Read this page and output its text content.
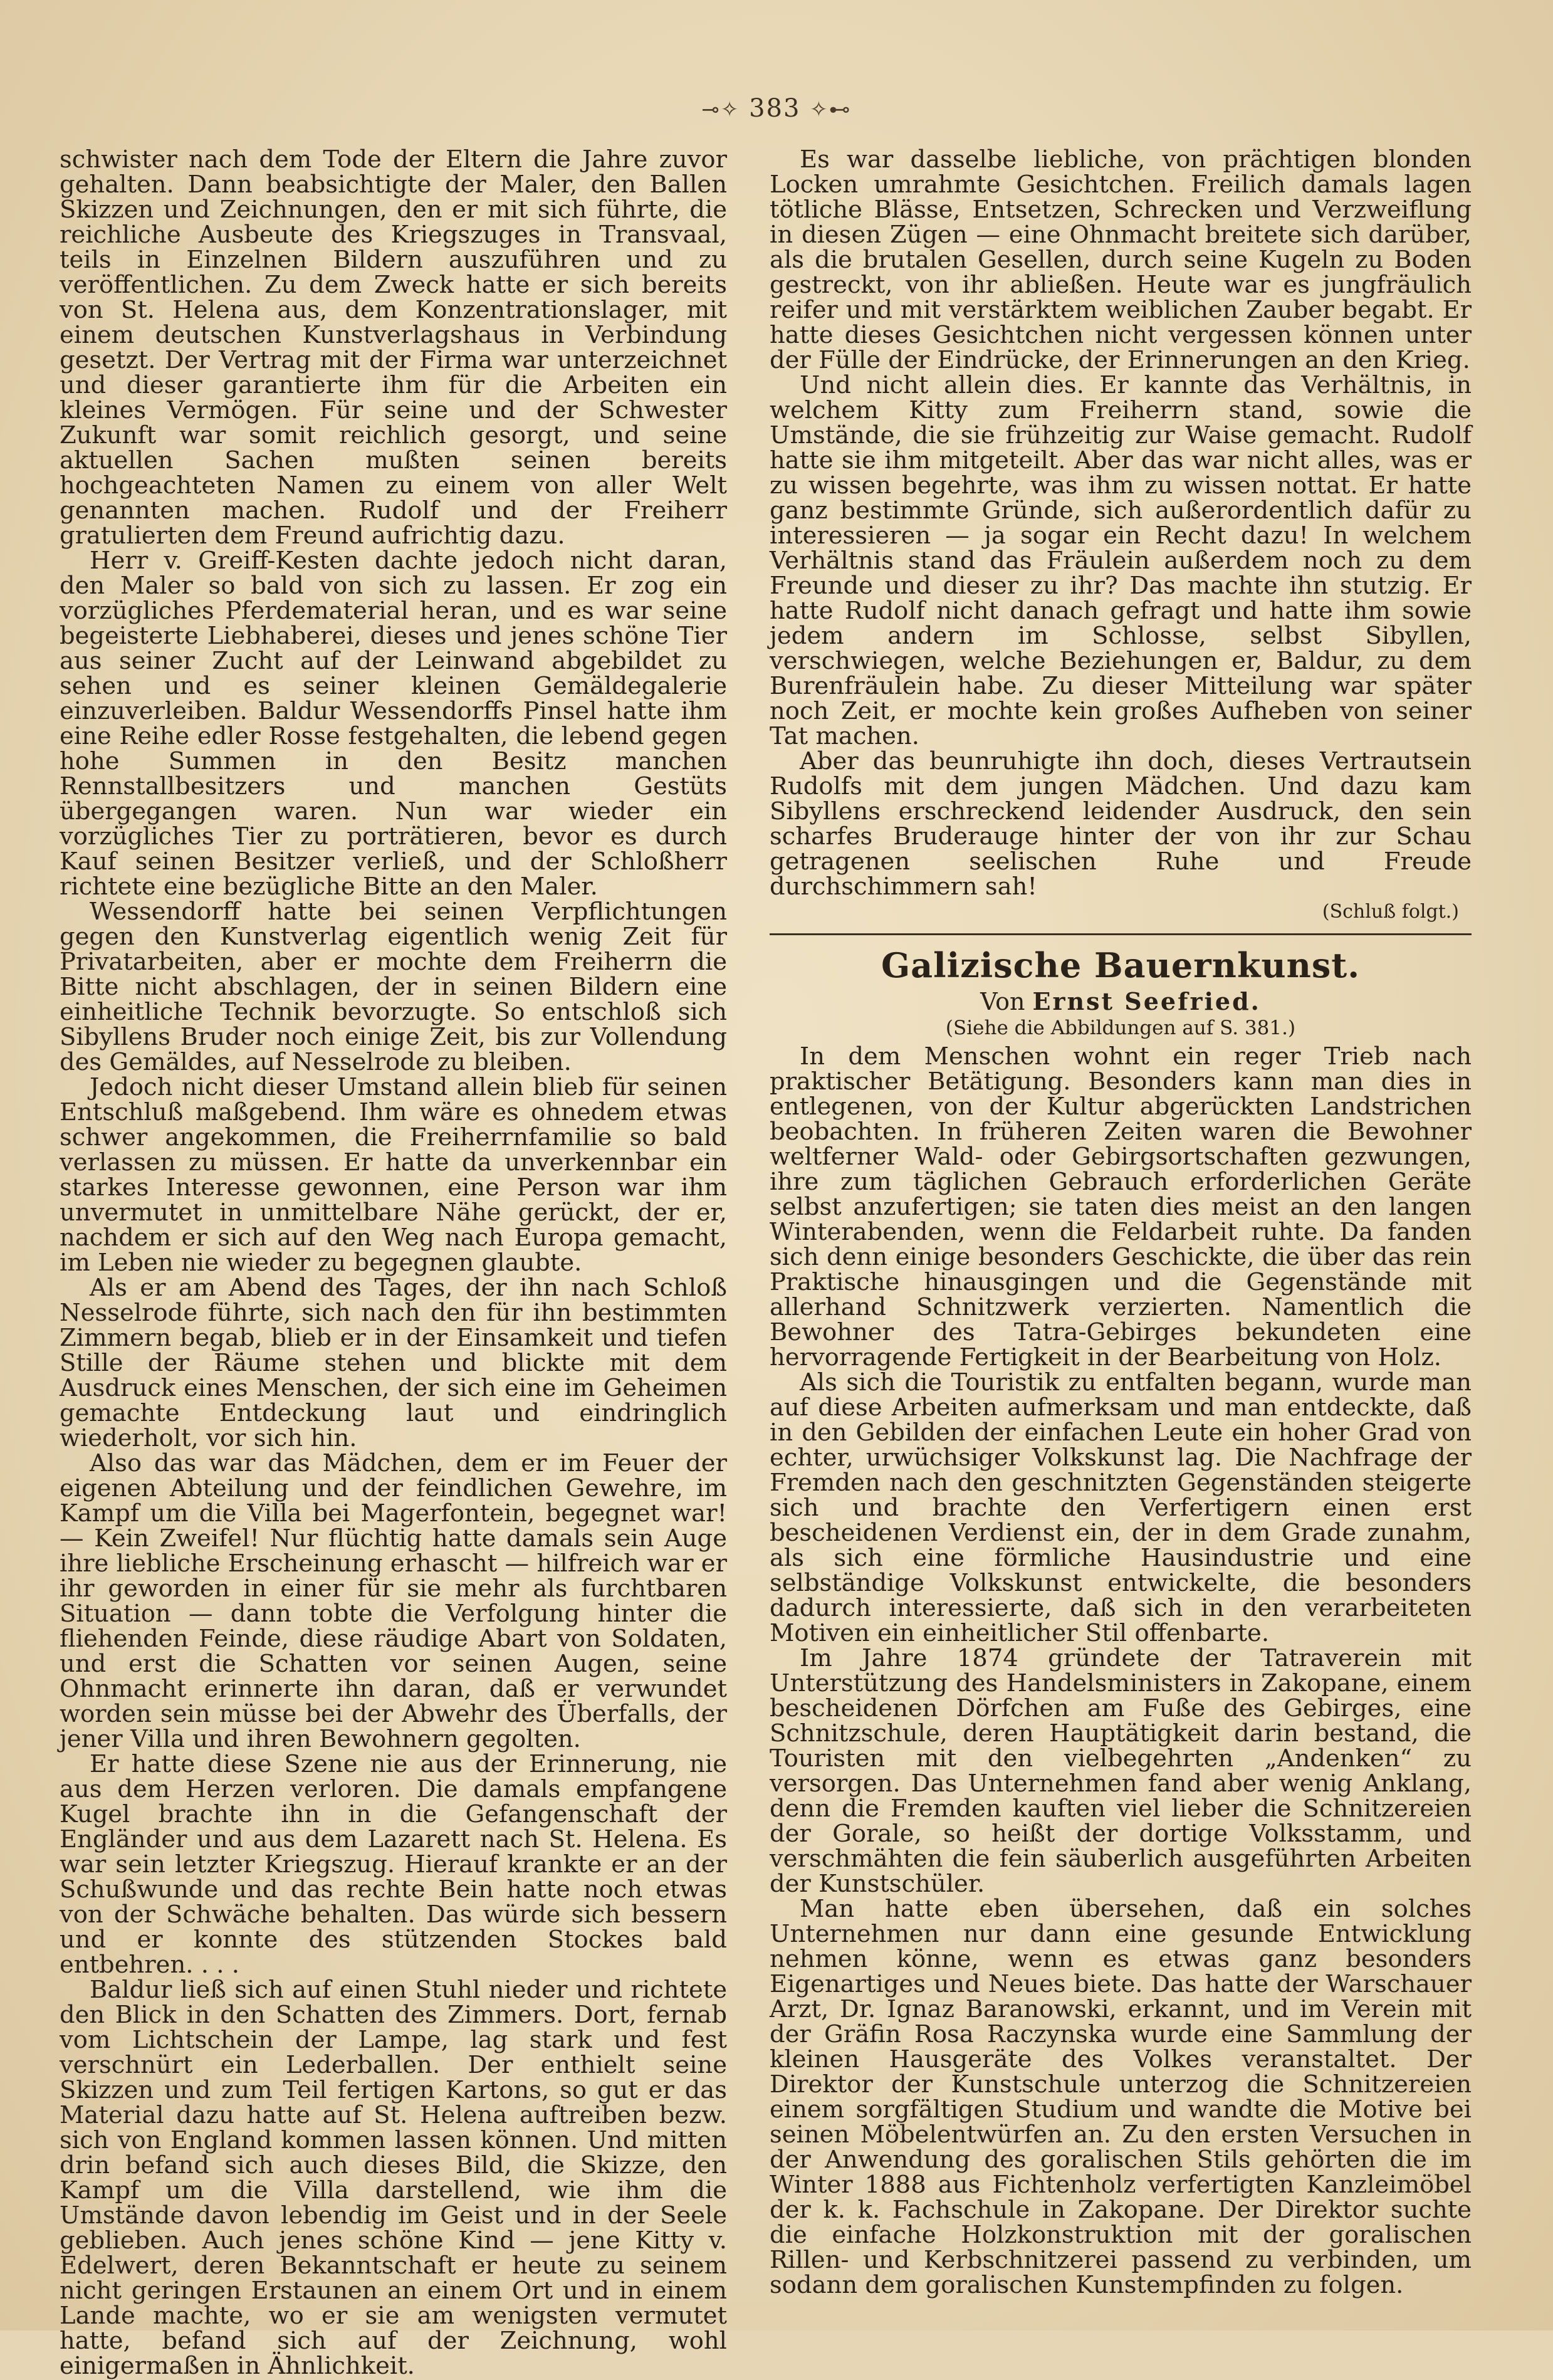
⊸✧ 383 ✧⊷

schwister nach dem Tode der Eltern die Jahre zuvor gehalten. Dann beabsichtigte der Maler, den Ballen Skizzen und Zeichnungen, den er mit sich führte, die reichliche Ausbeute des Kriegszuges in Transvaal, teils in Einzelnen Bildern auszuführen und zu veröffentlichen. Zu dem Zweck hatte er sich bereits von St. Helena aus, dem Konzentrationslager, mit einem deutschen Kunstverlagshaus in Verbindung gesetzt. Der Vertrag mit der Firma war unterzeichnet und dieser garantierte ihm für die Arbeiten ein kleines Vermögen. Für seine und der Schwester Zukunft war somit reichlich gesorgt, und seine aktuellen Sachen mußten seinen bereits hochgeachteten Namen zu einem von aller Welt genannten machen. Rudolf und der Freiherr gratulierten dem Freund aufrichtig dazu.

Herr v. Greiff-Kesten dachte jedoch nicht daran, den Maler so bald von sich zu lassen. Er zog ein vorzügliches Pferdematerial heran, und es war seine begeisterte Liebhaberei, dieses und jenes schöne Tier aus seiner Zucht auf der Leinwand abgebildet zu sehen und es seiner kleinen Gemäldegalerie einzuverleiben. Baldur Wessendorffs Pinsel hatte ihm eine Reihe edler Rosse festgehalten, die lebend gegen hohe Summen in den Besitz manchen Rennstallbesitzers und manchen Gestüts übergegangen waren. Nun war wieder ein vorzügliches Tier zu porträtieren, bevor es durch Kauf seinen Besitzer verließ, und der Schloßherr richtete eine bezügliche Bitte an den Maler.

Wessendorff hatte bei seinen Verpflichtungen gegen den Kunstverlag eigentlich wenig Zeit für Privatarbeiten, aber er mochte dem Freiherrn die Bitte nicht abschlagen, der in seinen Bildern eine einheitliche Technik bevorzugte. So entschloß sich Sibyllens Bruder noch einige Zeit, bis zur Vollendung des Gemäldes, auf Nesselrode zu bleiben.

Jedoch nicht dieser Umstand allein blieb für seinen Entschluß maßgebend. Ihm wäre es ohnedem etwas schwer angekommen, die Freiherrnfamilie so bald verlassen zu müssen. Er hatte da unverkennbar ein starkes Interesse gewonnen, eine Person war ihm unvermutet in unmittelbare Nähe gerückt, der er, nachdem er sich auf den Weg nach Europa gemacht, im Leben nie wieder zu begegnen glaubte.

Als er am Abend des Tages, der ihn nach Schloß Nesselrode führte, sich nach den für ihn bestimmten Zimmern begab, blieb er in der Einsamkeit und tiefen Stille der Räume stehen und blickte mit dem Ausdruck eines Menschen, der sich eine im Geheimen gemachte Entdeckung laut und eindringlich wiederholt, vor sich hin.

Also das war das Mädchen, dem er im Feuer der eigenen Abteilung und der feindlichen Gewehre, im Kampf um die Villa bei Magerfontein, begegnet war! — Kein Zweifel! Nur flüchtig hatte damals sein Auge ihre liebliche Erscheinung erhascht — hilfreich war er ihr geworden in einer für sie mehr als furchtbaren Situation — dann tobte die Verfolgung hinter die fliehenden Feinde, diese räudige Abart von Soldaten, und erst die Schatten vor seinen Augen, seine Ohnmacht erinnerte ihn daran, daß er verwundet worden sein müsse bei der Abwehr des Überfalls, der jener Villa und ihren Bewohnern gegolten.

Er hatte diese Szene nie aus der Erinnerung, nie aus dem Herzen verloren. Die damals empfangene Kugel brachte ihn in die Gefangenschaft der Engländer und aus dem Lazarett nach St. Helena. Es war sein letzter Kriegszug. Hierauf krankte er an der Schußwunde und das rechte Bein hatte noch etwas von der Schwäche behalten. Das würde sich bessern und er konnte des stützenden Stockes bald entbehren. . . .

Baldur ließ sich auf einen Stuhl nieder und richtete den Blick in den Schatten des Zimmers. Dort, fernab vom Lichtschein der Lampe, lag stark und fest verschnürt ein Lederballen. Der enthielt seine Skizzen und zum Teil fertigen Kartons, so gut er das Material dazu hatte auf St. Helena auftreiben bezw. sich von England kommen lassen können. Und mitten drin befand sich auch dieses Bild, die Skizze, den Kampf um die Villa darstellend, wie ihm die Umstände davon lebendig im Geist und in der Seele geblieben. Auch jenes schöne Kind — jene Kitty v. Edelwert, deren Bekanntschaft er heute zu seinem nicht geringen Erstaunen an einem Ort und in einem Lande machte, wo er sie am wenigsten vermutet hatte, befand sich auf der Zeichnung, wohl einigermaßen in Ähnlichkeit.

Es war dasselbe liebliche, von prächtigen blonden Locken umrahmte Gesichtchen. Freilich damals lagen tötliche Blässe, Entsetzen, Schrecken und Verzweiflung in diesen Zügen — eine Ohnmacht breitete sich darüber, als die brutalen Gesellen, durch seine Kugeln zu Boden gestreckt, von ihr abließen. Heute war es jungfräulich reifer und mit verstärktem weiblichen Zauber begabt. Er hatte dieses Gesichtchen nicht vergessen können unter der Fülle der Eindrücke, der Erinnerungen an den Krieg.

Und nicht allein dies. Er kannte das Verhältnis, in welchem Kitty zum Freiherrn stand, sowie die Umstände, die sie frühzeitig zur Waise gemacht. Rudolf hatte sie ihm mitgeteilt. Aber das war nicht alles, was er zu wissen begehrte, was ihm zu wissen nottat. Er hatte ganz bestimmte Gründe, sich außerordentlich dafür zu interessieren — ja sogar ein Recht dazu! In welchem Verhältnis stand das Fräulein außerdem noch zu dem Freunde und dieser zu ihr? Das machte ihn stutzig. Er hatte Rudolf nicht danach gefragt und hatte ihm sowie jedem andern im Schlosse, selbst Sibyllen, verschwiegen, welche Beziehungen er, Baldur, zu dem Burenfräulein habe. Zu dieser Mitteilung war später noch Zeit, er mochte kein großes Aufheben von seiner Tat machen.

Aber das beunruhigte ihn doch, dieses Vertrautsein Rudolfs mit dem jungen Mädchen. Und dazu kam Sibyllens erschreckend leidender Ausdruck, den sein scharfes Bruderauge hinter der von ihr zur Schau getragenen seelischen Ruhe und Freude durchschimmern sah!

(Schluß folgt.)
Galizische Bauernkunst.
Von Ernst Seefried.
(Siehe die Abbildungen auf S. 381.)

In dem Menschen wohnt ein reger Trieb nach praktischer Betätigung. Besonders kann man dies in entlegenen, von der Kultur abgerückten Landstrichen beobachten. In früheren Zeiten waren die Bewohner weltferner Wald- oder Gebirgsortschaften gezwungen, ihre zum täglichen Gebrauch erforderlichen Geräte selbst anzufertigen; sie taten dies meist an den langen Winterabenden, wenn die Feldarbeit ruhte. Da fanden sich denn einige besonders Geschickte, die über das rein Praktische hinausgingen und die Gegenstände mit allerhand Schnitzwerk verzierten. Namentlich die Bewohner des Tatra-Gebirges bekundeten eine hervorragende Fertigkeit in der Bearbeitung von Holz.

Als sich die Touristik zu entfalten begann, wurde man auf diese Arbeiten aufmerksam und man entdeckte, daß in den Gebilden der einfachen Leute ein hoher Grad von echter, urwüchsiger Volkskunst lag. Die Nachfrage der Fremden nach den geschnitzten Gegenständen steigerte sich und brachte den Verfertigern einen erst bescheidenen Verdienst ein, der in dem Grade zunahm, als sich eine förmliche Hausindustrie und eine selbständige Volkskunst entwickelte, die besonders dadurch interessierte, daß sich in den verarbeiteten Motiven ein einheitlicher Stil offenbarte.

Im Jahre 1874 gründete der Tatraverein mit Unterstützung des Handelsministers in Zakopane, einem bescheidenen Dörfchen am Fuße des Gebirges, eine Schnitzschule, deren Hauptätigkeit darin bestand, die Touristen mit den vielbegehrten „Andenken“ zu versorgen. Das Unternehmen fand aber wenig Anklang, denn die Fremden kauften viel lieber die Schnitzereien der Gorale, so heißt der dortige Volksstamm, und verschmähten die fein säuberlich ausgeführten Arbeiten der Kunstschüler.

Man hatte eben übersehen, daß ein solches Unternehmen nur dann eine gesunde Entwicklung nehmen könne, wenn es etwas ganz besonders Eigenartiges und Neues biete. Das hatte der Warschauer Arzt, Dr. Ignaz Baranowski, erkannt, und im Verein mit der Gräfin Rosa Raczynska wurde eine Sammlung der kleinen Hausgeräte des Volkes veranstaltet. Der Direktor der Kunstschule unterzog die Schnitzereien einem sorgfältigen Studium und wandte die Motive bei seinen Möbelentwürfen an. Zu den ersten Versuchen in der Anwendung des goralischen Stils gehörten die im Winter 1888 aus Fichtenholz verfertigten Kanzleimöbel der k. k. Fachschule in Zakopane. Der Direktor suchte die einfache Holzkonstruktion mit der goralischen Rillen- und Kerbschnitzerei passend zu verbinden, um sodann dem goralischen Kunstempfinden zu folgen.
